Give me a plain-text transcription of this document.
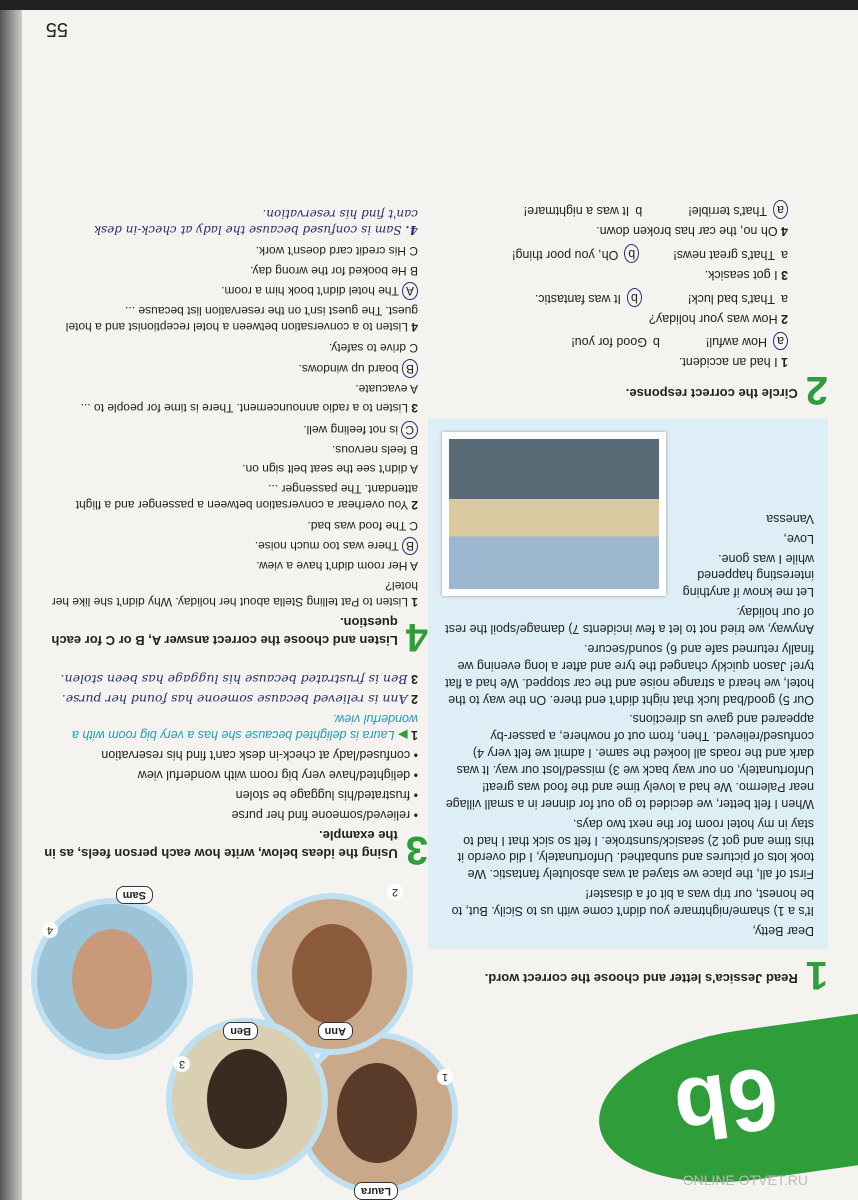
6b
ONLINE OTVET.RU
Laura
1
Ann
2
Ben
3
Sam
4
1
Read Jessica's letter and choose the correct word.

Dear Betty,

It's a 1) shame/nightmare you didn't come with us to Sicily. But, to be honest, our trip was a bit of a disaster!

First of all, the place we stayed at was absolutely fantastic. We took lots of pictures and sunbathed. Unfortunately, I did overdo it this time and got 2) seasick/sunstroke. I felt so sick that I had to stay in my hotel room for the next two days.

When I felt better, we decided to go out for dinner in a small village near Palermo. We had a lovely time and the food was great! Unfortunately, on our way back we 3) missed/lost our way. It was dark and the roads all looked the same. I admit we felt very 4) confused/relieved. Then, from out of nowhere, a passer-by appeared and gave us directions.

Our 5) good/bad luck that night didn't end there. On the way to the hotel, we heard a strange noise and the car stopped. We had a flat tyre! Jason quickly changed the tyre and after a long evening we finally returned safe and 6) sound/secure.

Anyway, we tried not to let a few incidents 7) damage/spoil the rest of our holiday.

Let me know if anything interesting happened while I was gone.

Love,

Vanessa

2
Circle the correct response.

1 I had an accident.

a
How awful!
b
Good for you!

2 How was your holiday?

a
That's bad luck!
b
It was fantastic.

3 I got seasick.

a
That's great news!
b
Oh, you poor thing!

4 Oh no, the car has broken down.

a
That's terrible!
b
It was a nightmare!
3
Using the ideas below, write how each person feels, as in the example.

• relieved/someone find her purse

• frustrated/his luggage be stolen

• delighted/have very big room with wonderful view

• confused/lady at check-in desk can't find his reservation

1 ▶ Laura is delighted because she has a very big room with a wonderful view.

2 Ann is relieved because someone has found her purse.

3 Ben is frustrated because his luggage has been stolen.

4
Listen and choose the correct answer A, B or C for each question.

1 Listen to Pat telling Stella about her holiday. Why didn't she like her hotel?

A Her room didn't have a view.

B There was too much noise.

C The food was bad.

2 You overhear a conversation between a passenger and a flight attendant. The passenger ...

A didn't see the seat belt sign on.

B feels nervous.

C is not feeling well.

3 Listen to a radio announcement. There is time for people to ...

A evacuate.

B board up windows.

C drive to safety.

4 Listen to a conversation between a hotel receptionist and a hotel guest. The guest isn't on the reservation list because ...

A The hotel didn't book him a room.

B He booked for the wrong day.

C His credit card doesn't work.

4. Sam is confused because the lady at check-in desk can't find his reservation.
55
